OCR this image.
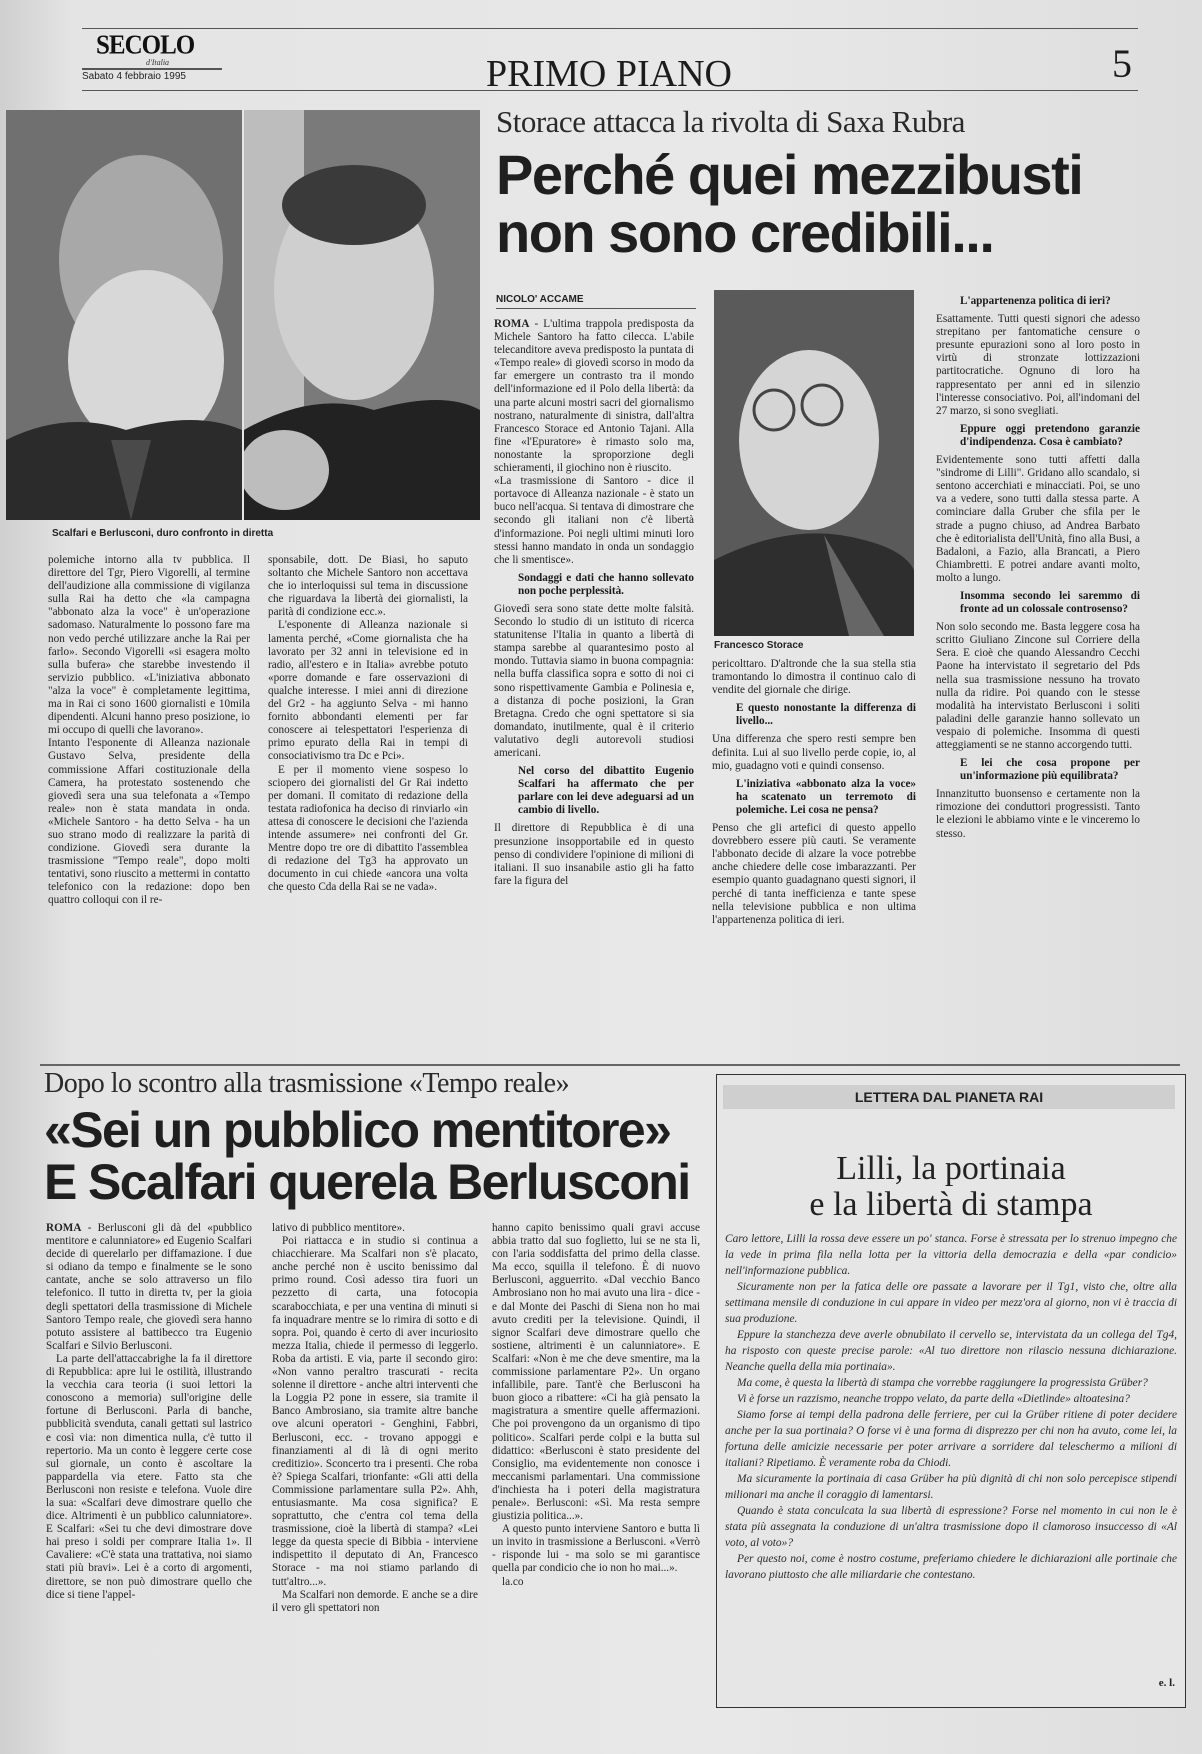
SECOLO
d'Italia
Sabato 4 febbraio 1995	PRIMO PIANO	5
Scalfari e Berlusconi, duro confronto in diretta
Storace attacca la rivolta di Saxa Rubra
Perché quei mezzibusti
non sono credibili...

polemiche intorno alla tv pubblica. Il direttore del Tgr, Piero Vigorelli, al termine dell'audizione alla commissione di vigilanza sulla Rai ha detto che «la campagna "abbonato alza la voce" è un'operazione sadomaso. Naturalmente lo possono fare ma non vedo perché utilizzare anche la Rai per farlo». Secondo Vigorelli «si esagera molto sulla bufera» che starebbe investendo il servizio pubblico. «L'iniziativa abbonato "alza la voce" è completamente legittima, ma in Rai ci sono 1600 giornalisti e 10mila dipendenti. Alcuni hanno preso posizione, io mi occupo di quelli che lavorano».

Intanto l'esponente di Alleanza nazionale Gustavo Selva, presidente della commissione Affari costituzionale della Camera, ha protestato sostenendo che giovedì sera una sua telefonata a «Tempo reale» non è stata mandata in onda. «Michele Santoro - ha detto Selva - ha un suo strano modo di realizzare la parità di condizione. Giovedì sera durante la trasmissione "Tempo reale", dopo molti tentativi, sono riuscito a mettermi in contatto telefonico con la redazione: dopo ben quattro colloqui con il re-

sponsabile, dott. De Biasi, ho saputo soltanto che Michele Santoro non accettava che io interloquissi sul tema in discussione che riguardava la libertà dei giornalisti, la parità di condizione ecc.».

L'esponente di Alleanza nazionale si lamenta perché, «Come giornalista che ha lavorato per 32 anni in televisione ed in radio, all'estero e in Italia» avrebbe potuto «porre domande e fare osservazioni di qualche interesse. I miei anni di direzione del Gr2 - ha aggiunto Selva - mi hanno fornito abbondanti elementi per far conoscere ai telespettatori l'esperienza di primo epurato della Rai in tempi di consociativismo tra Dc e Pci».

E per il momento viene sospeso lo sciopero dei giornalisti del Gr Rai indetto per domani. Il comitato di redazione della testata radiofonica ha deciso di rinviarlo «in attesa di conoscere le decisioni che l'azienda intende assumere» nei confronti del Gr. Mentre dopo tre ore di dibattito l'assemblea di redazione del Tg3 ha approvato un documento in cui chiede «ancora una volta che questo Cda della Rai se ne vada».

NICOLO' ACCAME

ROMA - L'ultima trappola predisposta da Michele Santoro ha fatto cilecca. L'abile telecanditore aveva predisposto la puntata di «Tempo reale» di giovedì scorso in modo da far emergere un contrasto tra il mondo dell'informazione ed il Polo della libertà: da una parte alcuni mostri sacri del giornalismo nostrano, naturalmente di sinistra, dall'altra Francesco Storace ed Antonio Tajani. Alla fine «l'Epuratore» è rimasto solo ma, nonostante la sproporzione degli schieramenti, il giochino non è riuscito.

«La trasmissione di Santoro - dice il portavoce di Alleanza nazionale - è stato un buco nell'acqua. Si tentava di dimostrare che secondo gli italiani non c'è libertà d'informazione. Poi negli ultimi minuti loro stessi hanno mandato in onda un sondaggio che li smentisce».

Sondaggi e dati che hanno sollevato non poche perplessità.

Giovedì sera sono state dette molte falsità. Secondo lo studio di un istituto di ricerca statunitense l'Italia in quanto a libertà di stampa sarebbe al quarantesimo posto al mondo. Tuttavia siamo in buona compagnia: nella buffa classifica sopra e sotto di noi ci sono rispettivamente Gambia e Polinesia e, a distanza di poche posizioni, la Gran Bretagna. Credo che ogni spettatore si sia domandato, inutilmente, qual è il criterio valutativo degli autorevoli studiosi americani.

Nel corso del dibattito Eugenio Scalfari ha affermato che per parlare con lei deve adeguarsi ad un cambio di livello.

Il direttore di Repubblica è di una presunzione insopportabile ed in questo penso di condividere l'opinione di milioni di italiani. Il suo insanabile astio gli ha fatto fare la figura del

Francesco Storace

pericolttaro. D'altronde che la sua stella stia tramontando lo dimostra il continuo calo di vendite del giornale che dirige.

E questo nonostante la differenza di livello...

Una differenza che spero resti sempre ben definita. Lui al suo livello perde copie, io, al mio, guadagno voti e quindi consenso.

L'iniziativa «abbonato alza la voce» ha scatenato un terremoto di polemiche. Lei cosa ne pensa?

Penso che gli artefici di questo appello dovrebbero essere più cauti. Se veramente l'abbonato decide di alzare la voce potrebbe anche chiedere delle cose imbarazzanti. Per esempio quanto guadagnano questi signori, il perché di tanta inefficienza e tante spese nella televisione pubblica e non ultima l'appartenenza politica di ieri.

L'appartenenza politica di ieri?

Esattamente. Tutti questi signori che adesso strepitano per fantomatiche censure o presunte epurazioni sono al loro posto in virtù di stronzate lottizzazioni partitocratiche. Ognuno di loro ha rappresentato per anni ed in silenzio l'interesse consociativo. Poi, all'indomani del 27 marzo, si sono svegliati.

Eppure oggi pretendono garanzie d'indipendenza. Cosa è cambiato?

Evidentemente sono tutti affetti dalla "sindrome di Lilli". Gridano allo scandalo, si sentono accerchiati e minacciati. Poi, se uno va a vedere, sono tutti dalla stessa parte. A cominciare dalla Gruber che sfila per le strade a pugno chiuso, ad Andrea Barbato che è editorialista dell'Unità, fino alla Busi, a Badaloni, a Fazio, alla Brancati, a Piero Chiambretti. E potrei andare avanti molto, molto a lungo.

Insomma secondo lei saremmo di fronte ad un colossale controsenso?

Non solo secondo me. Basta leggere cosa ha scritto Giuliano Zincone sul Corriere della Sera. E cioè che quando Alessandro Cecchi Paone ha intervistato il segretario del Pds nella sua trasmissione nessuno ha trovato nulla da ridire. Poi quando con le stesse modalità ha intervistato Berlusconi i soliti paladini delle garanzie hanno sollevato un vespaio di polemiche. Insomma di questi atteggiamenti se ne stanno accorgendo tutti.

E lei che cosa propone per un'informazione più equilibrata?

Innanzitutto buonsenso e certamente non la rimozione dei conduttori progressisti. Tanto le elezioni le abbiamo vinte e le vinceremo lo stesso.

Dopo lo scontro alla trasmissione «Tempo reale»
«Sei un pubblico mentitore»
E Scalfari querela Berlusconi

ROMA - Berlusconi gli dà del «pubblico mentitore e calunniatore» ed Eugenio Scalfari decide di querelarlo per diffamazione. I due si odiano da tempo e finalmente se le sono cantate, anche se solo attraverso un filo telefonico. Il tutto in diretta tv, per la gioia degli spettatori della trasmissione di Michele Santoro Tempo reale, che giovedì sera hanno potuto assistere al battibecco tra Eugenio Scalfari e Silvio Berlusconi.

La parte dell'attaccabrighe la fa il direttore di Repubblica: apre lui le ostilità, illustrando la vecchia cara teoria (i suoi lettori la conoscono a memoria) sull'origine delle fortune di Berlusconi. Parla di banche, pubblicità svenduta, canali gettati sul lastrico e così via: non dimentica nulla, c'è tutto il repertorio. Ma un conto è leggere certe cose sul giornale, un conto è ascoltare la pappardella via etere. Fatto sta che Berlusconi non resiste e telefona. Vuole dire la sua: «Scalfari deve dimostrare quello che dice. Altrimenti è un pubblico calunniatore». E Scalfari: «Sei tu che devi dimostrare dove hai preso i soldi per comprare Italia 1». Il Cavaliere: «C'è stata una trattativa, noi siamo stati più bravi». Lei è a corto di argomenti, direttore, se non può dimostrare quello che dice si tiene l'appel-

lativo di pubblico mentitore».

Poi riattacca e in studio si continua a chiacchierare. Ma Scalfari non s'è placato, anche perché non è uscito benissimo dal primo round. Così adesso tira fuori un pezzetto di carta, una fotocopia scarabocchiata, e per una ventina di minuti si fa inquadrare mentre se lo rimira di sotto e di sopra. Poi, quando è certo di aver incuriosito mezza Italia, chiede il permesso di leggerlo. Roba da artisti. E via, parte il secondo giro: «Non vanno peraltro trascurati - recita solenne il direttore - anche altri interventi che la Loggia P2 pone in essere, sia tramite il Banco Ambrosiano, sia tramite altre banche ove alcuni operatori - Genghini, Fabbri, Berlusconi, ecc. - trovano appoggi e finanziamenti al di là di ogni merito creditizio». Sconcerto tra i presenti. Che roba è? Spiega Scalfari, trionfante: «Gli atti della Commissione parlamentare sulla P2». Ahh, entusiasmante. Ma cosa significa? E soprattutto, che c'entra col tema della trasmissione, cioè la libertà di stampa? «Lei legge da questa specie di Bibbia - interviene indispettito il deputato di An, Francesco Storace - ma noi stiamo parlando di tutt'altro...».

Ma Scalfari non demorde. E anche se a dire il vero gli spettatori non

hanno capito benissimo quali gravi accuse abbia tratto dal suo foglietto, lui se ne sta lì, con l'aria soddisfatta del primo della classe. Ma ecco, squilla il telefono. È di nuovo Berlusconi, agguerrito. «Dal vecchio Banco Ambrosiano non ho mai avuto una lira - dice - e dal Monte dei Paschi di Siena non ho mai avuto crediti per la televisione. Quindi, il signor Scalfari deve dimostrare quello che sostiene, altrimenti è un calunniatore». E Scalfari: «Non è me che deve smentire, ma la commissione parlamentare P2». Un organo infallibile, pare. Tant'è che Berlusconi ha buon gioco a ribattere: «Ci ha già pensato la magistratura a smentire quelle affermazioni. Che poi provengono da un organismo di tipo politico». Scalfari perde colpi e la butta sul didattico: «Berlusconi è stato presidente del Consiglio, ma evidentemente non conosce i meccanismi parlamentari. Una commissione d'inchiesta ha i poteri della magistratura penale». Berlusconi: «Sì. Ma resta sempre giustizia politica...».

A questo punto interviene Santoro e butta lì un invito in trasmissione a Berlusconi. «Verrò - risponde lui - ma solo se mi garantisce quella par condicio che io non ho mai...».

la.co

LETTERA DAL PIANETA RAI
Lilli, la portinaia
e la libertà di stampa

Caro lettore, Lilli la rossa deve essere un po' stanca. Forse è stressata per lo strenuo impegno che la vede in prima fila nella lotta per la vittoria della democrazia e della «par condicio» nell'informazione pubblica.

Sicuramente non per la fatica delle ore passate a lavorare per il Tg1, visto che, oltre alla settimana mensile di conduzione in cui appare in video per mezz'ora al giorno, non vi è traccia di sua produzione.

Eppure la stanchezza deve averle obnubilato il cervello se, intervistata da un collega del Tg4, ha risposto con queste precise parole: «Al tuo direttore non rilascio nessuna dichiarazione. Neanche quella della mia portinaia».

Ma come, è questa la libertà di stampa che vorrebbe raggiungere la progressista Grüber?

Vi è forse un razzismo, neanche troppo velato, da parte della «Dietlinde» altoatesina?

Siamo forse ai tempi della padrona delle ferriere, per cui la Grüber ritiene di poter decidere anche per la sua portinaia? O forse vi è una forma di disprezzo per chi non ha avuto, come lei, la fortuna delle amicizie necessarie per poter arrivare a sorridere dal teleschermo a milioni di italiani? Ripetiamo. È veramente roba da Chiodi.

Ma sicuramente la portinaia di casa Grüber ha più dignità di chi non solo percepisce stipendi milionari ma anche il coraggio di lamentarsi.

Quando è stata conculcata la sua libertà di espressione? Forse nel momento in cui non le è stata più assegnata la conduzione di un'altra trasmissione dopo il clamoroso insuccesso di «Al voto, al voto»?

Per questo noi, come è nostro costume, preferiamo chiedere le dichiarazioni alle portinaie che lavorano piuttosto che alle miliardarie che contestano.

e. l.
